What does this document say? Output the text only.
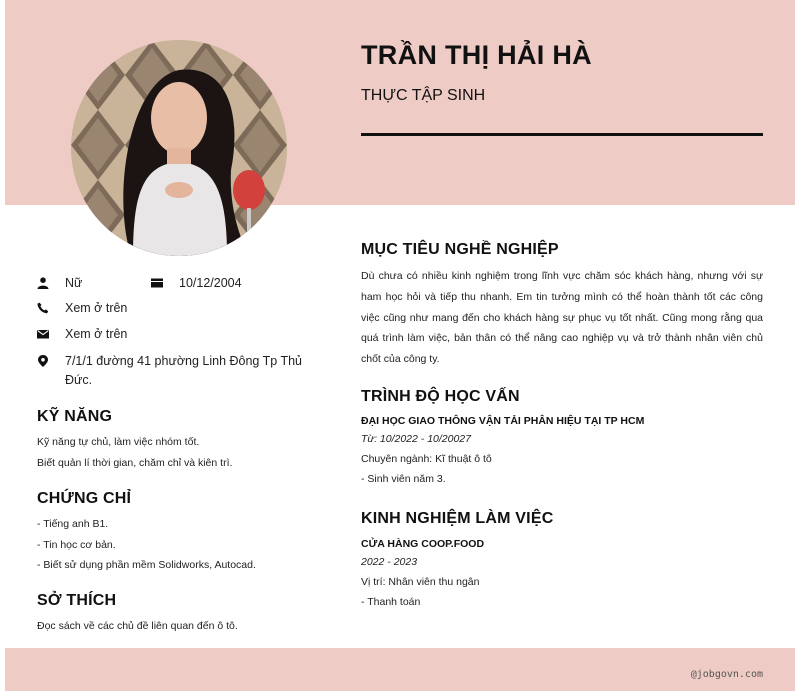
TRẦN THỊ HẢI HÀ
THỰC TẬP SINH
Nữ	10/12/2004
Xem ở trên
Xem ở trên
7/1/1 đường 41 phường Linh Đông Tp Thủ Đức.
KỸ NĂNG
Kỹ năng tự chủ, làm việc nhóm tốt.
Biết quản lí thời gian, chăm chỉ và kiên trì.
CHỨNG CHỈ
- Tiếng anh B1.
- Tin học cơ bản.
- Biết sử dụng phần mềm Solidworks, Autocad.
SỞ THÍCH
Đọc sách về các chủ đề liên quan đến ô tô.
MỤC TIÊU NGHỀ NGHIỆP
Dù chưa có nhiều kinh nghiệm trong lĩnh vực chăm sóc khách hàng, nhưng với sự ham học hỏi và tiếp thu nhanh. Em tin tưởng mình có thể hoàn thành tốt các công việc cũng như mang đến cho khách hàng sự phục vụ tốt nhất. Cũng mong rằng qua quá trình làm việc, bản thân có thể nâng cao nghiệp vụ và trở thành nhân viên chủ chốt của công ty.
TRÌNH ĐỘ HỌC VẤN
ĐẠI HỌC GIAO THÔNG VẬN TẢI PHÂN HIỆU TẠI TP HCM
Từ: 10/2022 - 10/20027
Chuyên ngành: Kĩ thuật ô tô
- Sinh viên năm 3.
KINH NGHIỆM LÀM VIỆC
CỬA HÀNG COOP.FOOD
2022 - 2023
Vị trí: Nhân viên thu ngân
- Thanh toán
@jobgovn.com
